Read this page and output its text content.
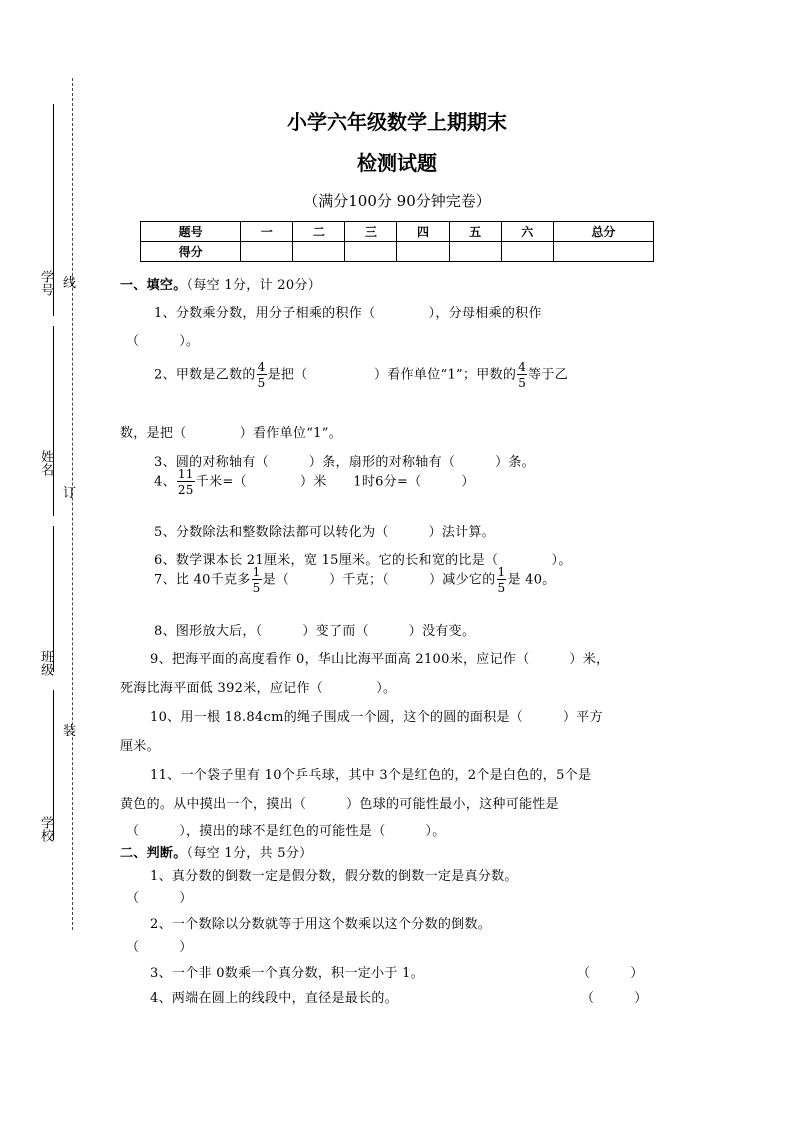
学号 线
姓名
订
班级
装
学校
小学六年级数学上期期末
检测试题
（满分100分 90分钟完卷）
题号	一	二	三	四	五	六	总分
得分							
一、填空。（每空 1分，计 20分）
1、分数乘分数，用分子相乘的积作（　　　　），分母相乘的积作
（　　　）。
2、甲数是乙数的 $\frac{4}{5}$ 是把（　　　　　）看作单位“1”；甲数的 $\frac{4}{5}$ 等于乙
数，是把（　　　　）看作单位“1”。
3、圆的对称轴有（　　　）条，扇形的对称轴有（　　　）条。
4、 $\frac{11}{25}$ 千米=（　　　　）米　　1时6分=（　　　）
5、分数除法和整数除法都可以转化为（　　　）法计算。
6、数学课本长 21厘米，宽 15厘米。它的长和宽的比是（　　　　）。
7、比 40千克多 $\frac{1}{5}$ 是（　　　）千克；（　　　）减少它的 $\frac{1}{5}$ 是 40。
8、图形放大后，（　　　）变了而（　　　）没有变。
9、把海平面的高度看作 0，华山比海平面高 2100米，应记作（　　　）米，
死海比海平面低 392米，应记作（　　　　）。
10、用一根 18.84cm的绳子围成一个圆，这个的圆的面积是（　　　）平方
厘米。
11、一个袋子里有 10个乒乓球，其中 3个是红色的，2个是白色的，5个是
黄色的。从中摸出一个，摸出（　　　）色球的可能性最小，这种可能性是
（　　　），摸出的球不是红色的可能性是（　　　）。
二、判断。（每空 1分，共 5分）
1、真分数的倒数一定是假分数，假分数的倒数一定是真分数。
（　　　）
2、一个数除以分数就等于用这个数乘以这个分数的倒数。
（　　　）
3、一个非 0数乘一个真分数，积一定小于 1。	（　　　）
4、两端在圆上的线段中，直径是最长的。	（　　　）
